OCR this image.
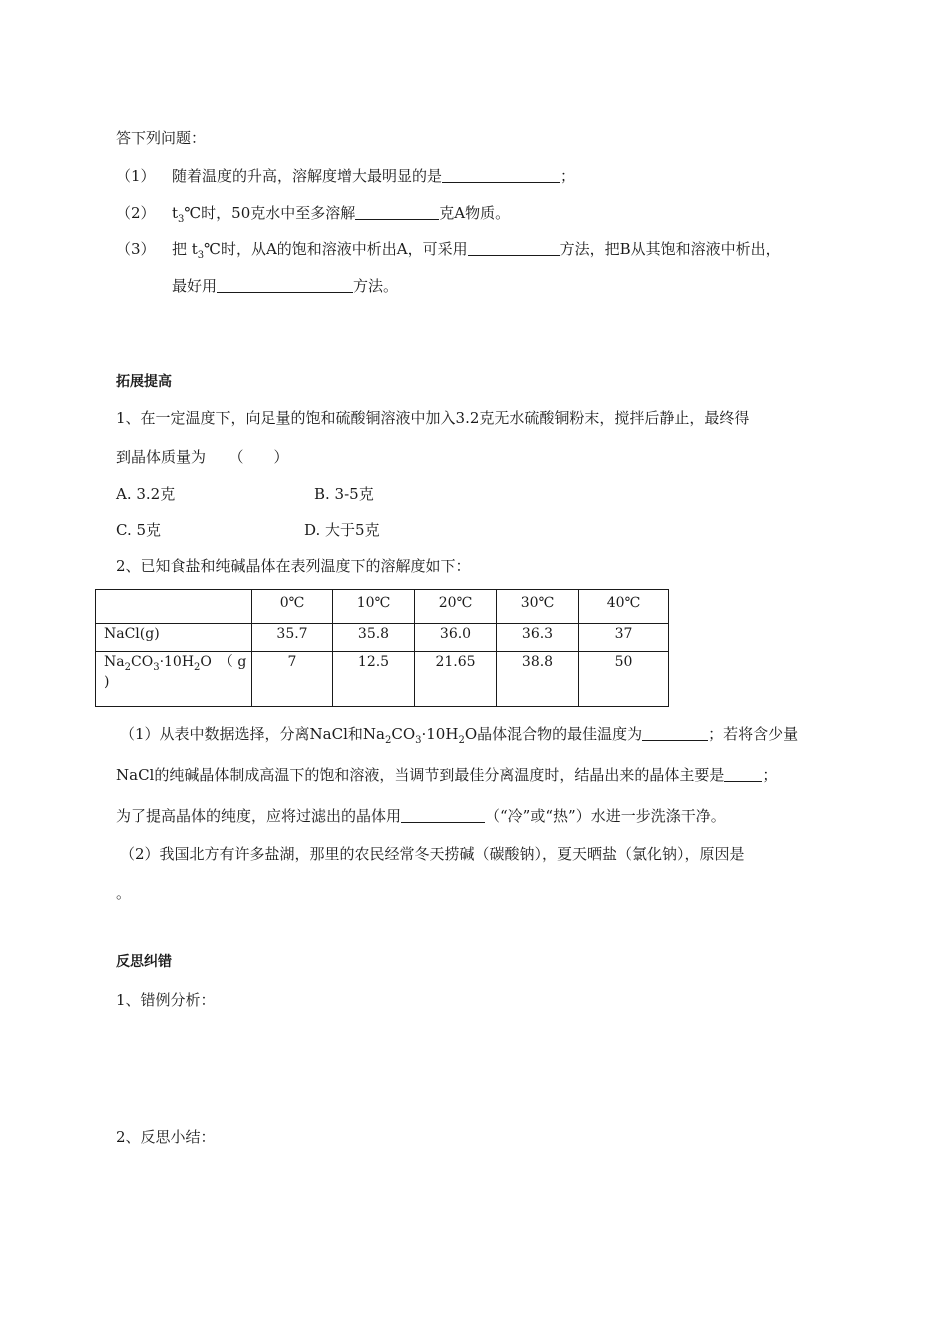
答下列问题：
（1） 随着温度的升高，溶解度增大最明显的是	；
（2） $t_3℃$时，50克水中至多溶解	克A物质。
（3） 把 $t_3℃$时，从A的饱和溶液中析出A，可采用	方法，把B从其饱和溶液中析出，
最好用	方法。
拓展提高
1、在一定温度下，向足量的饱和硫酸铜溶液中加入3.2克无水硫酸铜粉末，搅拌后静止，最终得
到晶体质量为　　（　　）
A. 3.2克	B. 3-5克
C. 5克	D. 大于5克
2、已知食盐和纯碱晶体在表列温度下的溶解度如下：
	0℃	10℃	20℃	30℃	40℃
NaCl(g)	35.7	35.8	36.0	36.3	37
$Na_2CO_3\cdot 10H_2O$　（ g
)	7	12.5	21.65	38.8	50
（1）从表中数据选择，分离NaCl和$Na_2CO_3\cdot 10H_2O$晶体混合物的最佳温度为	；若将含少量
NaCl的纯碱晶体制成高温下的饱和溶液，当调节到最佳分离温度时，结晶出来的晶体主要是	；
为了提高晶体的纯度，应将过滤出的晶体用	（“冷”或“热”）水进一步洗涤干净。
（2）我国北方有许多盐湖，那里的农民经常冬天捞碱（碳酸钠），夏天晒盐（氯化钠），原因是
。
反思纠错
1、错例分析：
2、反思小结：
